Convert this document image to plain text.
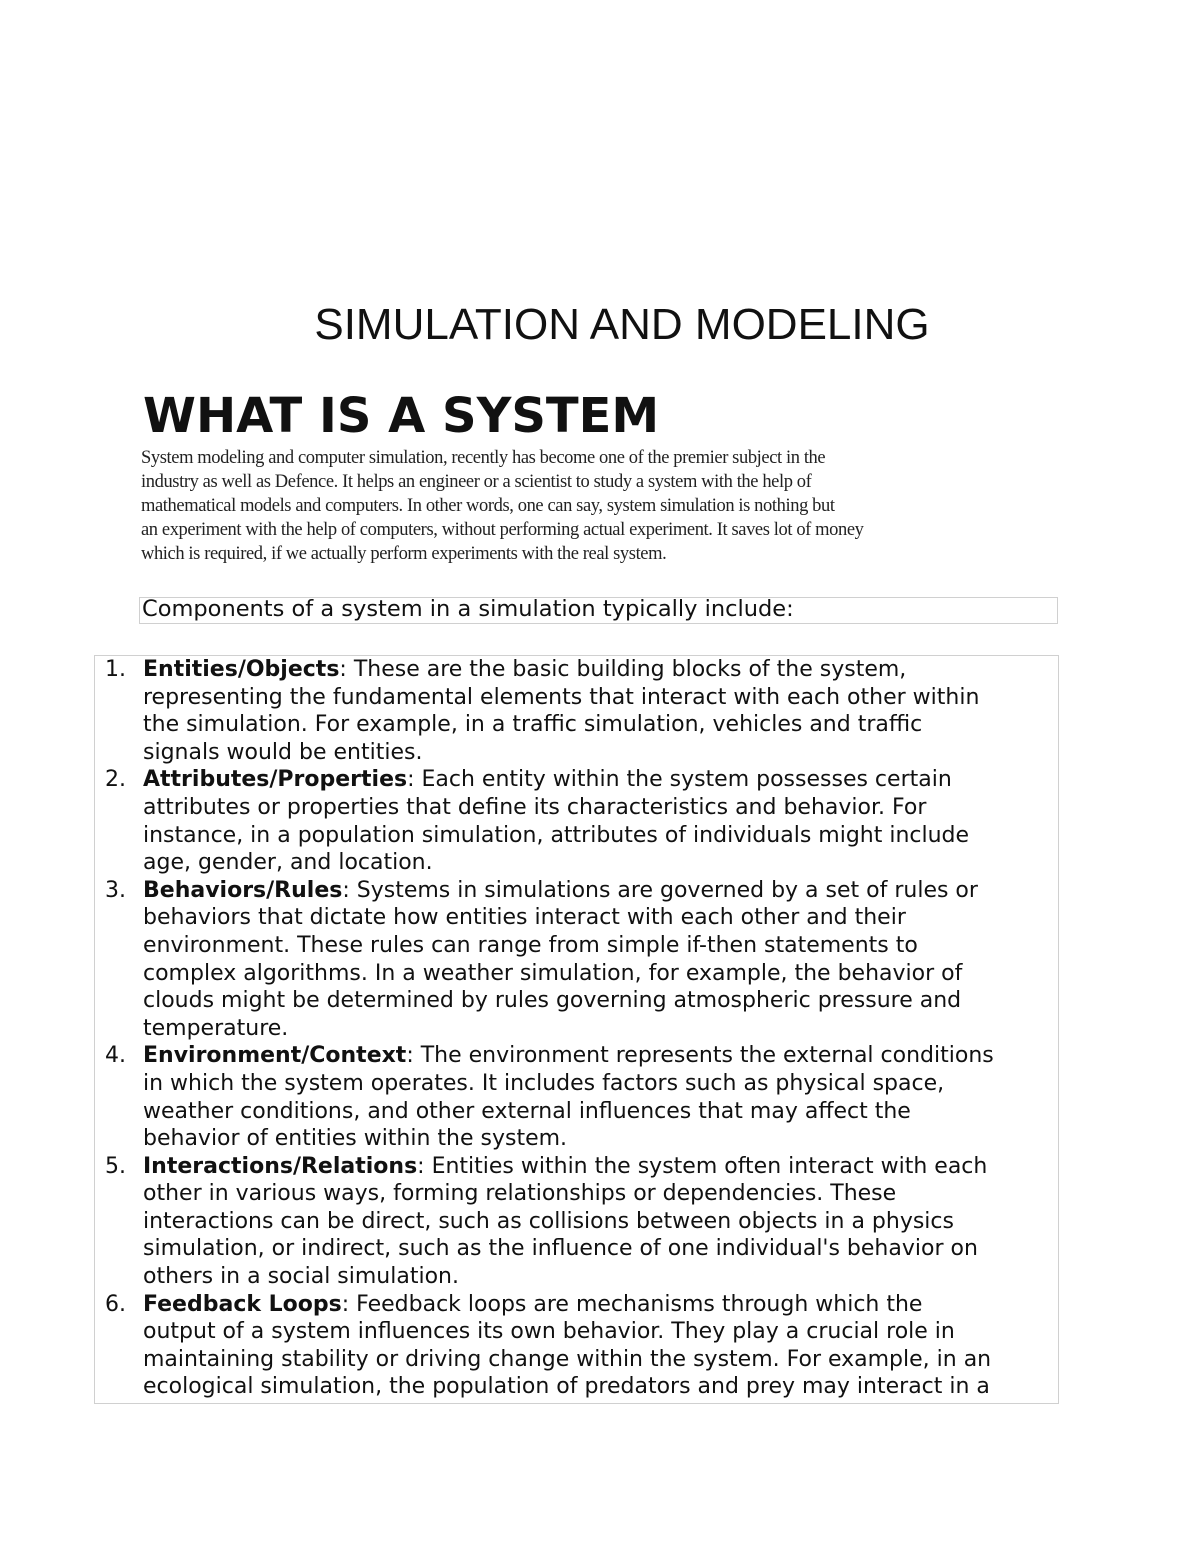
SIMULATION AND MODELING
WHAT IS A SYSTEM
System modeling and computer simulation, recently has become one of the premier subject in the
industry as well as Defence. It helps an engineer or a scientist to study a system with the help of
mathematical models and computers. In other words, one can say, system simulation is nothing but
an experiment with the help of computers, without performing actual experiment. It saves lot of money
which is required, if we actually perform experiments with the real system.
Components of a system in a simulation typically include:
1. Entities/Objects: These are the basic building blocks of the system,
representing the fundamental elements that interact with each other within
the simulation. For example, in a traffic simulation, vehicles and traffic
signals would be entities.
2. Attributes/Properties: Each entity within the system possesses certain
attributes or properties that define its characteristics and behavior. For
instance, in a population simulation, attributes of individuals might include
age, gender, and location.
3. Behaviors/Rules: Systems in simulations are governed by a set of rules or
behaviors that dictate how entities interact with each other and their
environment. These rules can range from simple if-then statements to
complex algorithms. In a weather simulation, for example, the behavior of
clouds might be determined by rules governing atmospheric pressure and
temperature.
4. Environment/Context: The environment represents the external conditions
in which the system operates. It includes factors such as physical space,
weather conditions, and other external influences that may affect the
behavior of entities within the system.
5. Interactions/Relations: Entities within the system often interact with each
other in various ways, forming relationships or dependencies. These
interactions can be direct, such as collisions between objects in a physics
simulation, or indirect, such as the influence of one individual's behavior on
others in a social simulation.
6. Feedback Loops: Feedback loops are mechanisms through which the
output of a system influences its own behavior. They play a crucial role in
maintaining stability or driving change within the system. For example, in an
ecological simulation, the population of predators and prey may interact in a
